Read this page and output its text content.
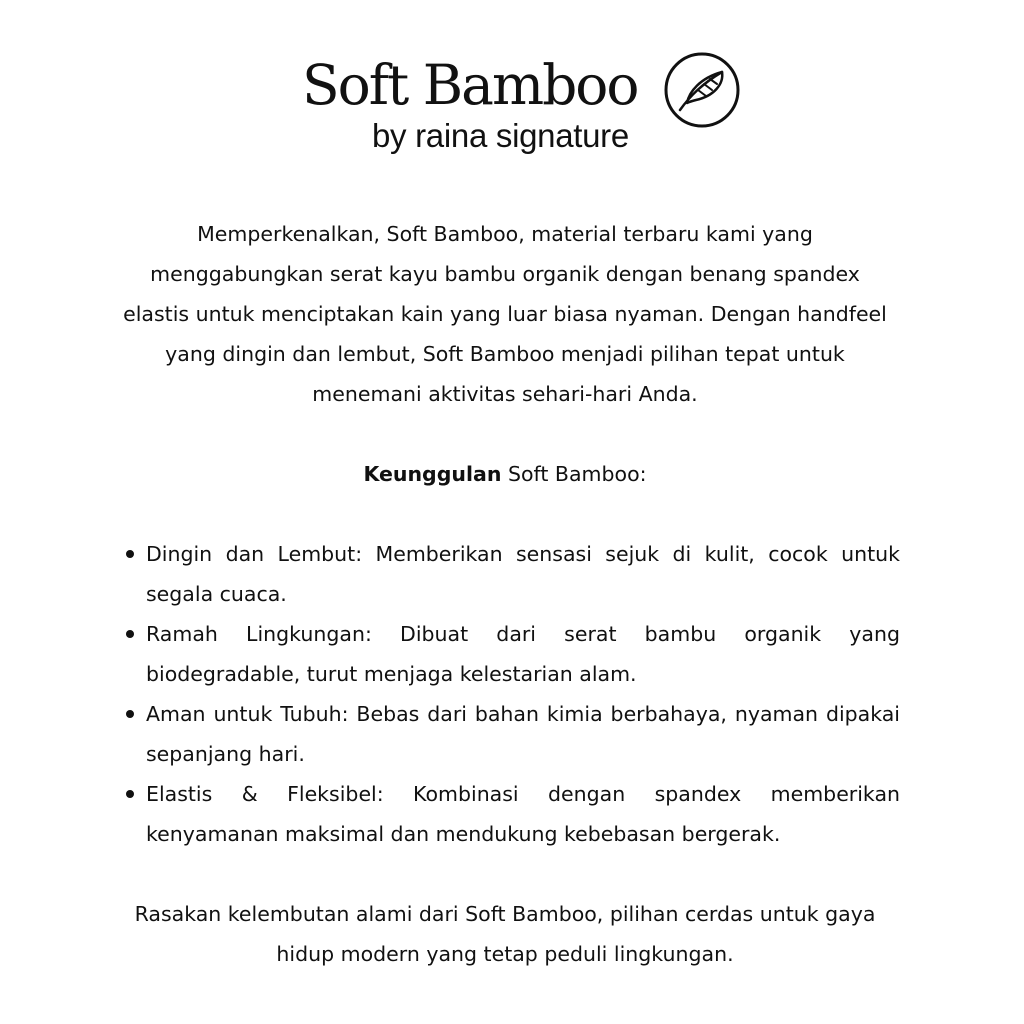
Soft Bamboo
by raina signature

Memperkenalkan, Soft Bamboo, material terbaru kami yang menggabungkan serat kayu bambu organik dengan benang spandex elastis untuk menciptakan kain yang luar biasa nyaman. Dengan handfeel yang dingin dan lembut, Soft Bamboo menjadi pilihan tepat untuk menemani aktivitas sehari-hari Anda.

Keunggulan Soft Bamboo:

Dingin dan Lembut: Memberikan sensasi sejuk di kulit, cocok untuk segala cuaca.
Ramah Lingkungan: Dibuat dari serat bambu organik yang biodegradable, turut menjaga kelestarian alam.
Aman untuk Tubuh: Bebas dari bahan kimia berbahaya, nyaman dipakai sepanjang hari.
Elastis & Fleksibel: Kombinasi dengan spandex memberikan kenyamanan maksimal dan mendukung kebebasan bergerak.

Rasakan kelembutan alami dari Soft Bamboo, pilihan cerdas untuk gaya hidup modern yang tetap peduli lingkungan.
